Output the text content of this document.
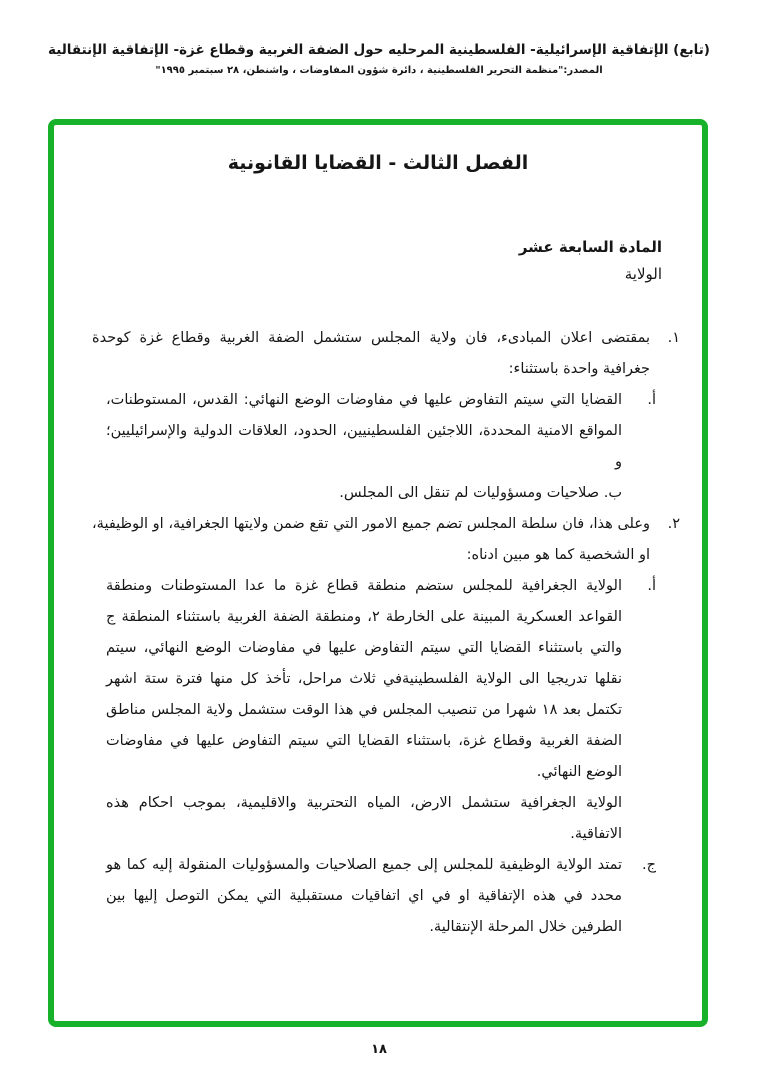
(تابع) الإتفاقية الإسرائيلية- الفلسطينية المرحليه حول الضفة الغربية وقطاع غزة- الإتفاقية الإنتقالية
المصدر:"منظمة التحرير الفلسطينية ، دائرة شؤون المفاوضات ، واشنطن، ٢٨ سبتمبر ١٩٩٥"
الفصل الثالث - القضايا القانونية
المادة السابعة عشر
الولاية
١.
بمقتضى اعلان المبادىء، فان ولاية المجلس ستشمل الضفة الغربية وقطاع غزة كوحدة جغرافية واحدة باستثناء:
أ.
القضايا التي سيتم التفاوض عليها في مفاوضات الوضع النهائي: القدس، المستوطنات، المواقع الامنية المحددة، اللاجئين الفلسطينيين، الحدود، العلاقات الدولية والإسرائيليين؛ و
ب. صلاحيات ومسؤوليات لم تنقل الى المجلس.
٢.
وعلى هذا، فان سلطة المجلس تضم جميع الامور التي تقع ضمن ولايتها الجغرافية، او الوظيفية، او الشخصية كما هو مبين ادناه:
أ.
الولاية الجغرافية للمجلس ستضم منطقة قطاع غزة ما عدا المستوطنات ومنطقة القواعد العسكرية المبينة على الخارطة ٢، ومنطقة الضفة الغربية باستثناء المنطقة ج والتي باستثناء القضايا التي سيتم التفاوض عليها في مفاوضات الوضع النهائي، سيتم نقلها تدريجيا الى الولاية الفلسطينيةفي ثلاث مراحل، تأخذ كل منها فترة ستة اشهر تكتمل بعد ١٨ شهرا من تنصيب المجلس في هذا الوقت ستشمل ولاية المجلس مناطق الضفة الغربية وقطاع غزة، باستثناء القضايا التي سيتم التفاوض عليها في مفاوضات الوضع النهائي.
الولاية الجغرافية ستشمل الارض، المياه التحتربية والاقليمية، بموجب احكام هذه الاتفاقية.
ج.
تمتد الولاية الوظيفية للمجلس إلى جميع الصلاحيات والمسؤوليات المنقولة إليه كما هو محدد في هذه الإتفاقية او في اي اتفاقيات مستقبلية التي يمكن التوصل إليها بين الطرفين خلال المرحلة الإنتقالية.
١٨
